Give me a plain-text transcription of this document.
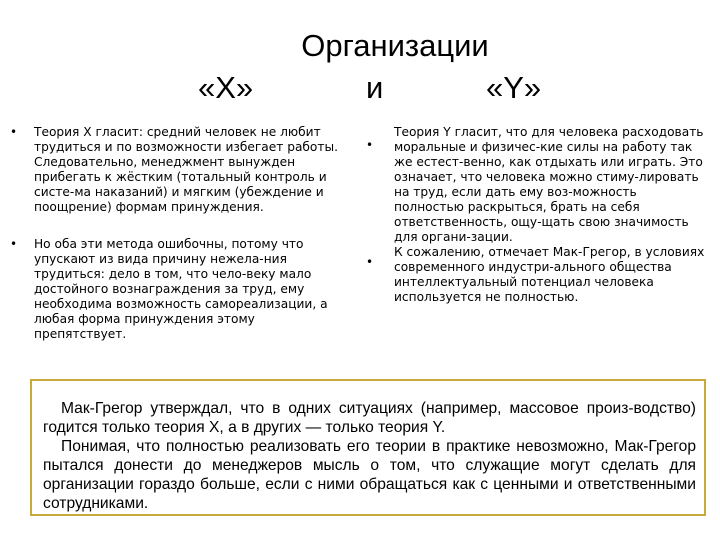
Организации
«X»	и	«Y»
• Теория X гласит: средний человек не любит трудиться и по возможности избегает работы. Следовательно, менеджмент вынужден прибегать к жёстким (тотальный контроль и систе-ма наказаний) и мягким (убеждение и поощрение) формам принуждения.
• Но оба эти метода ошибочны, потому что упускают из вида причину нежела-ния трудиться: дело в том, что чело-веку мало достойного вознаграждения за труд, ему необходима возможность самореализации, а любая форма принуждения этому препятствует.
•
Теория Y гласит, что для человека расходовать моральные и физичес-кие силы на работу так же естест-венно, как отдыхать или играть. Это означает, что человека можно стиму-лировать на труд, если дать ему воз-можность полностью раскрыться, брать на себя ответственность, ощу-щать свою значимость для органи-зации.
•
К сожалению, отмечает Мак-Грегор, в условиях современного индустри-ального общества интеллектуальный потенциал человека используется не полностью.

Мак-Грегор утверждал, что в одних ситуациях (например, массовое произ-водство) годится только теория X, а в других — только теория Y.

Понимая, что полностью реализовать его теории в практике невозможно, Мак-Грегор пытался донести до менеджеров мысль о том, что служащие могут сделать для организации гораздо больше, если с ними обращаться как с ценными и ответственными сотрудниками.
